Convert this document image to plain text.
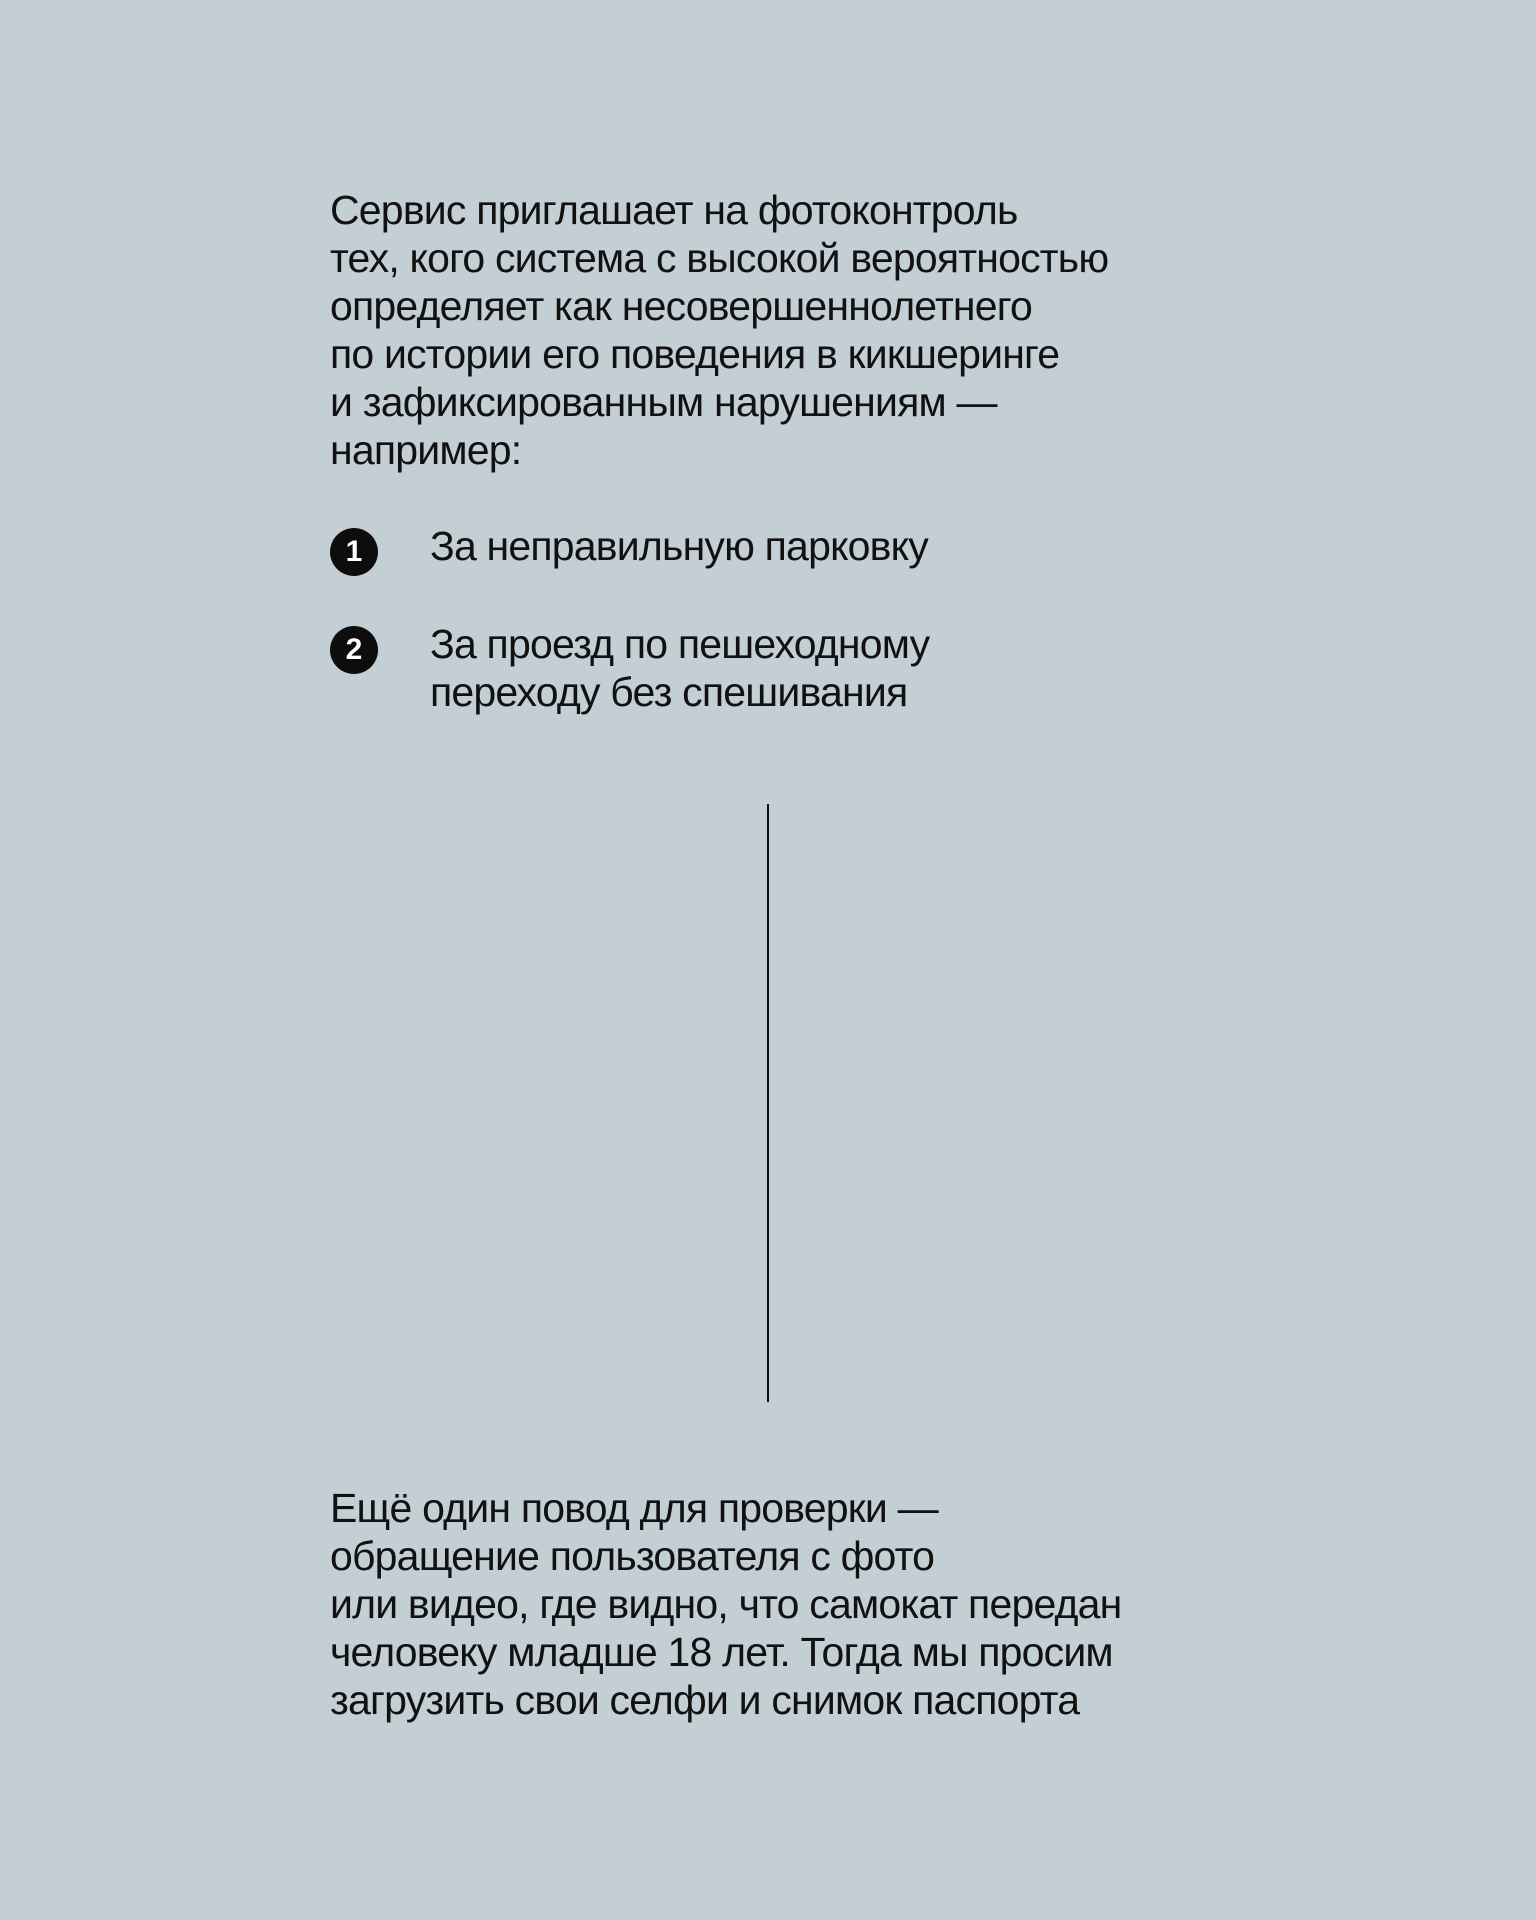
Сервис приглашает на фотоконтроль
тех, кого система с высокой вероятностью
определяет как несовершеннолетнего
по истории его поведения в кикшеринге
и зафиксированным нарушениям —
например:

1	За неправильную парковку
2	За проезд по пешеходному
переходу без спешивания

Ещё один повод для проверки —
обращение пользователя с фото
или видео, где видно, что самокат передан
человеку младше 18 лет. Тогда мы просим
загрузить свои селфи и снимок паспорта
